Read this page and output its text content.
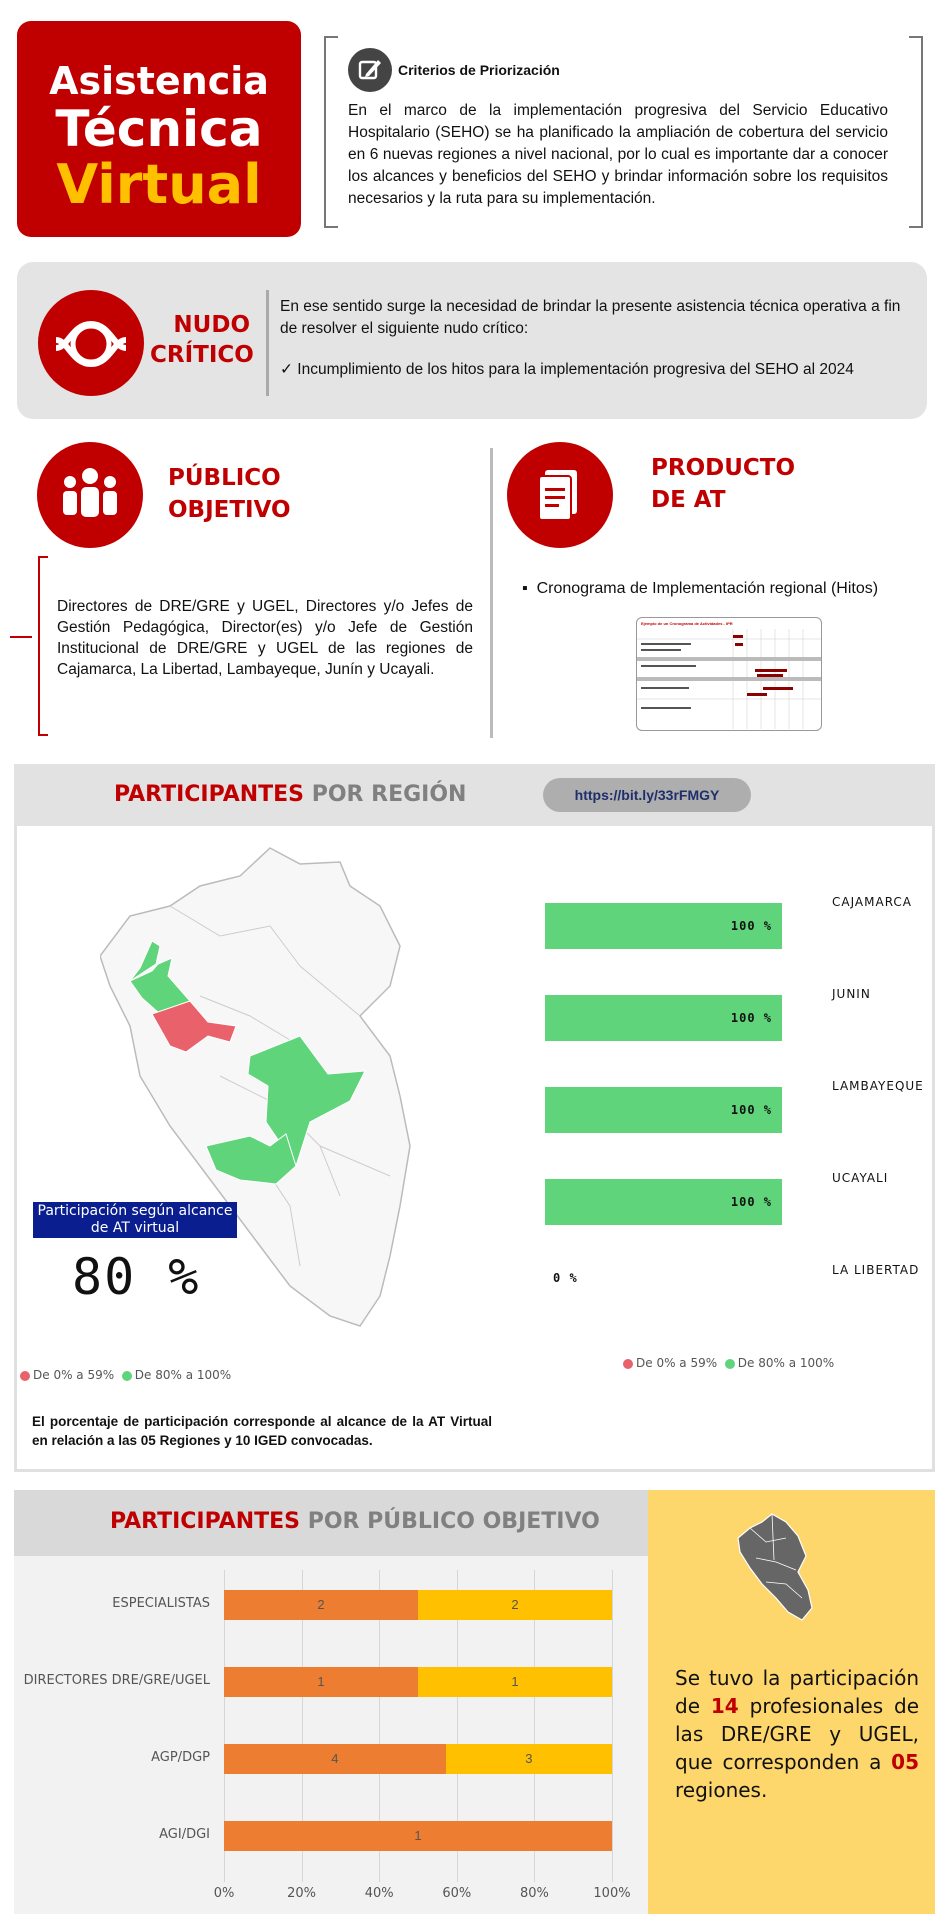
Asistencia
Técnica
Virtual
Criterios de Priorización
En el marco de la implementación progresiva del Servicio Educativo Hospitalario (SEHO) se ha planificado la ampliación de cobertura del servicio en 6 nuevas regiones a nivel nacional, por lo cual es importante dar a conocer los alcances y beneficios del SEHO y brindar información sobre los requisitos necesarios y la ruta para su implementación.
NUDO
CRÍTICO
En ese sentido surge la necesidad de brindar la presente asistencia técnica operativa a fin de resolver el siguiente nudo crítico:
✓ Incumplimiento de los hitos para la implementación progresiva del SEHO al 2024
PÚBLICO
OBJETIVO
Directores de DRE/GRE y UGEL, Directores y/o Jefes de Gestión Pedagógica, Director(es) y/o Jefe de Gestión Institucional de DRE/GRE y UGEL de las regiones de Cajamarca, La Libertad, Lambayeque, Junín y Ucayali.
PRODUCTO
DE AT
▪  Cronograma de Implementación regional (Hitos)
Ejemplo de un Cronograma de Actividades - IPR
PARTICIPANTES POR REGIÓN	https://bit.ly/33rFMGY
Participación según alcance de AT virtual
80 %
De 0% a 59% De 80% a 100%
100 %
CAJAMARCA
100 %
JUNIN
100 %
LAMBAYEQUE
100 %
UCAYALI
0 %
LA LIBERTAD
De 0% a 59% De 80% a 100%
El porcentaje de participación corresponde al alcance de la AT Virtual en relación a las 05 Regiones y 10 IGED convocadas.
PARTICIPANTES POR PÚBLICO OBJETIVO
0%	20%	40%	60%	80%	100%
ESPECIALISTAS	2	2
DIRECTORES DRE/GRE/UGEL	1	1
AGP/DGP	4	3
AGI/DGI	1
Se tuvo la participación de 14 profesionales de las DRE/GRE y UGEL, que corresponden a 05 regiones.
